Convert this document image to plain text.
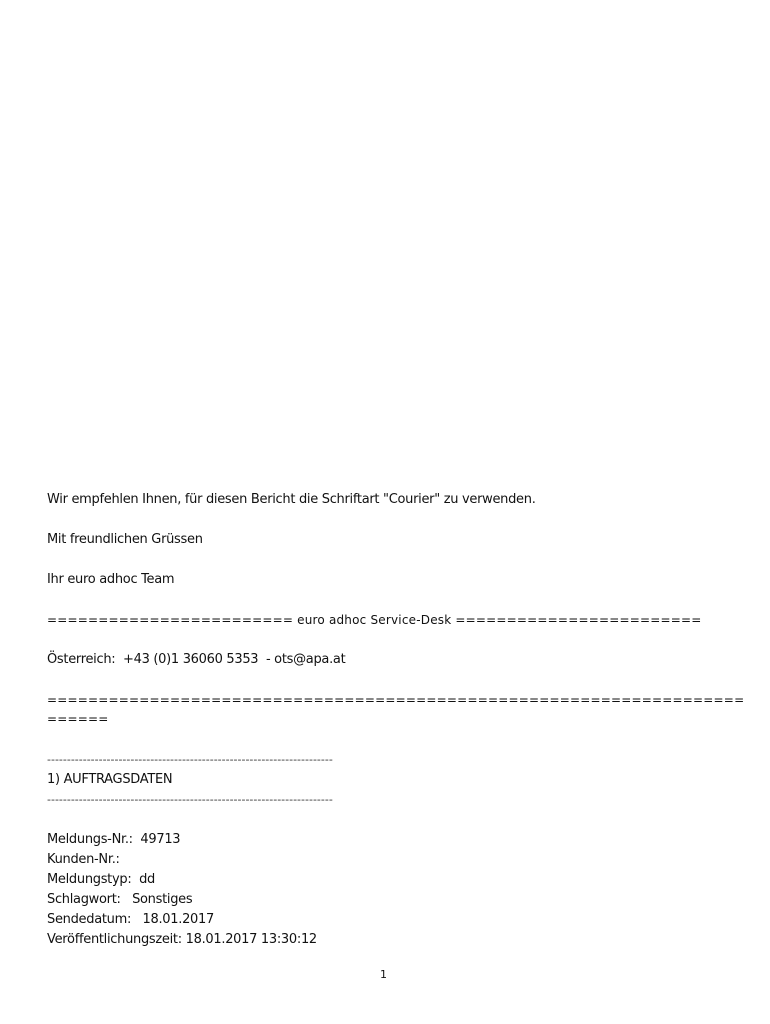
Wir empfehlen Ihnen, für diesen Bericht die Schriftart "Courier" zu verwenden.
Mit freundlichen Grüssen
Ihr euro adhoc Team
======================== euro adhoc Service-Desk ========================
Österreich:  +43 (0)1 36060 5353  - ots@apa.at
====================================================================
======
------------------------------------------------------------------------
1) AUFTRAGSDATEN
------------------------------------------------------------------------
Meldungs-Nr.:  49713
Kunden-Nr.:
Meldungstyp:  dd
Schlagwort:   Sonstiges
Sendedatum:   18.01.2017
Veröffentlichungszeit: 18.01.2017 13:30:12
1
